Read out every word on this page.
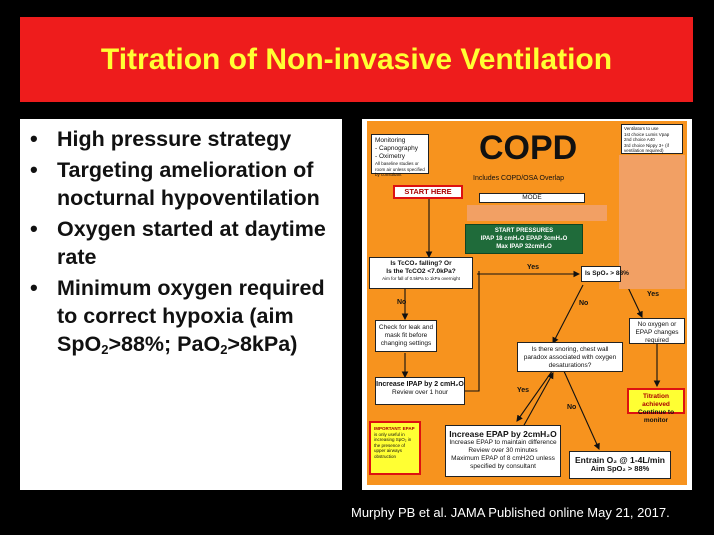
Titration of Non-invasive Ventilation
• High pressure strategy
• Targeting amelioration of nocturnal hypoventilation
• Oxygen started at daytime rate
• Minimum oxygen required to correct hypoxia (aim SpO$_2$>88%; PaO$_2$>8kPa)
Monitoring
- Capnography
- Oximetry
All baseline studies or room air unless specified by consultant
COPD
Includes COPD/OSA Overlap
Ventilators to use
1st choice Lumis Vpap
2nd choice A40
3rd choice Nippy 3+ (if ventilation required)
START HERE
MODE
START PRESSURES
IPAP 18 cmH₂O EPAP 3cmH₂O
Max IPAP 32cmH₂O
Is TcCO₂ falling? Or
Is the TcCO2 <7.0kPa?
Aim for fall of 0.5kPa to 1kPa overnight
Yes
Is SpO₂ > 88%
No	No
Yes
Check for leak and
mask fit before
changing settings
No oxygen or
EPAP changes
required
Is there snoring, chest wall
paradox associated with oxygen
desaturations?
Increase IPAP by 2 cmH₂O
Review over 1 hour	Yes
No
Titration achieved
Continue to monitor
IMPORTANT: EPAP
is only useful in
increasing SpO₂ in
the presence of
upper airways
obstruction
Increase EPAP by 2cmH₂O
Increase EPAP to maintain difference
Review over 30 minutes
Maximum EPAP of 8 cmH2O unless
specified by consultant
Entrain O₂ @ 1-4L/min
Aim SpO₂ > 88%
Murphy PB et al. JAMA Published online May 21, 2017.
